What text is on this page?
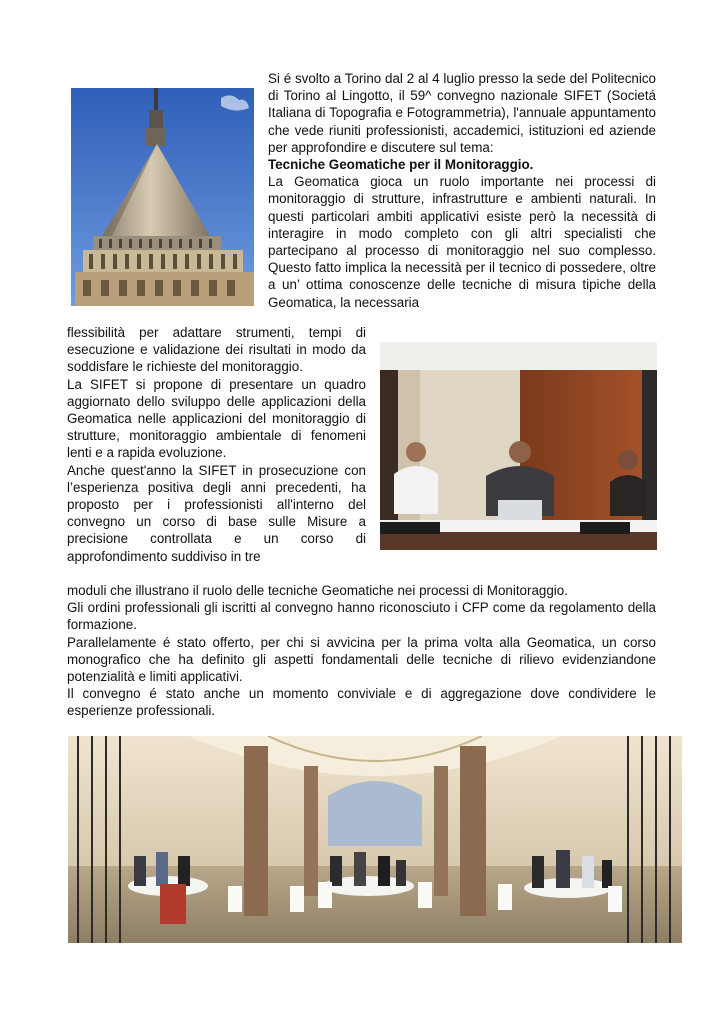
Si é svolto a Torino dal 2 al 4 luglio presso la sede del Politecnico di Torino al Lingotto, il 59^ convegno nazionale SIFET (Societá Italiana di Topografia e Fotogrammetria), l'annuale appuntamento che vede riuniti professionisti, accademici, istituzioni ed aziende per approfondire e discutere sul tema:

Tecniche Geomatiche per il Monitoraggio.

La Geomatica gioca un ruolo importante nei processi di monitoraggio di strutture, infrastrutture e ambienti naturali. In questi particolari ambiti applicativi esiste però la necessità di interagire in modo completo con gli altri specialisti che partecipano al processo di monitoraggio nel suo complesso. Questo fatto implica la necessità per il tecnico di possedere, oltre a un’ ottima conoscenze delle tecniche di misura tipiche della Geomatica, la necessaria

flessibilità per adattare strumenti, tempi di esecuzione e validazione dei risultati in modo da soddisfare le richieste del monitoraggio.

La SIFET si propone di presentare un quadro aggiornato dello sviluppo delle applicazioni della Geomatica nelle applicazioni del monitoraggio di strutture, monitoraggio ambientale di fenomeni lenti e a rapida evoluzione.

Anche quest'anno la SIFET in prosecuzione con l’esperienza positiva degli anni precedenti, ha proposto per i professionisti all'interno del convegno un corso di base sulle Misure a precisione controllata e un corso di approfondimento suddiviso in tre

moduli che illustrano il ruolo delle tecniche Geomatiche nei processi di Monitoraggio.

Gli ordini professionali gli iscritti al convegno hanno riconosciuto i CFP come da regolamento della formazione.

Parallelamente é stato offerto, per chi si avvicina per la prima volta alla Geomatica, un corso monografico che ha definito gli aspetti fondamentali delle tecniche di rilievo evidenziandone potenzialità e limiti applicativi.

Il convegno é stato anche un momento conviviale e di aggregazione dove condividere le esperienze professionali.
